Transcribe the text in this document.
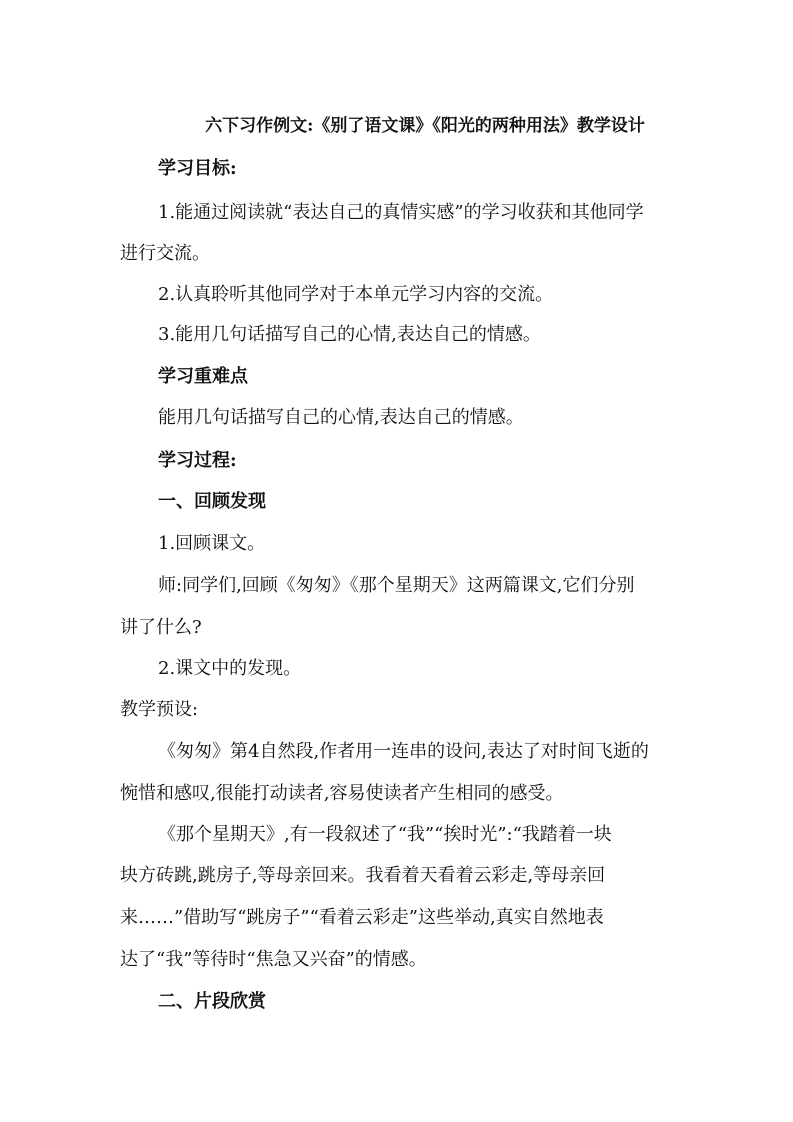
六下习作例文:《别了语文课》《阳光的两种用法》教学设计
学习目标:
1.能通过阅读就“表达自己的真情实感”的学习收获和其他同学
进行交流。
2.认真聆听其他同学对于本单元学习内容的交流。
3.能用几句话描写自己的心情,表达自己的情感。
学习重难点
能用几句话描写自己的心情,表达自己的情感。
学习过程:
一、回顾发现
1.回顾课文。
师:同学们,回顾《匆匆》《那个星期天》这两篇课文,它们分别
讲了什么?
2.课文中的发现。
教学预设:
《匆匆》第4自然段,作者用一连串的设问,表达了对时间飞逝的
惋惜和感叹,很能打动读者,容易使读者产生相同的感受。
《那个星期天》,有一段叙述了“我”“挨时光”:“我踏着一块
块方砖跳,跳房子,等母亲回来。我看着天看着云彩走,等母亲回
来……”借助写“跳房子”“看着云彩走”这些举动,真实自然地表
达了“我”等待时“焦急又兴奋”的情感。
二、片段欣赏
